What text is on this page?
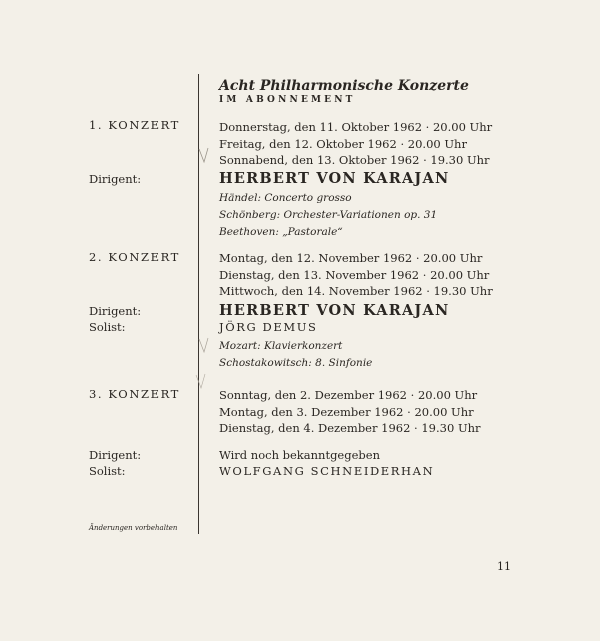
Acht Philharmonische Konzerte
IM ABONNEMENT
1. KONZERT	Donnerstag, den 11. Oktober 1962 · 20.00 Uhr
Freitag, den 12. Oktober 1962 · 20.00 Uhr
Sonnabend, den 13. Oktober 1962 · 19.30 Uhr
Dirigent:	HERBERT VON KARAJAN
Händel: Concerto grosso
Schönberg: Orchester-Variationen op. 31
Beethoven: „Pastorale“
2. KONZERT	Montag, den 12. November 1962 · 20.00 Uhr
Dienstag, den 13. November 1962 · 20.00 Uhr
Mittwoch, den 14. November 1962 · 19.30 Uhr
Dirigent:	HERBERT VON KARAJAN
Solist:	JÖRG DEMUS
Mozart: Klavierkonzert
Schostakowitsch: 8. Sinfonie
3. KONZERT	Sonntag, den 2. Dezember 1962 · 20.00 Uhr
Montag, den 3. Dezember 1962 · 20.00 Uhr
Dienstag, den 4. Dezember 1962 · 19.30 Uhr
Dirigent:	Wird noch bekanntgegeben
Solist:	WOLFGANG SCHNEIDERHAN
Änderungen vorbehalten
11
